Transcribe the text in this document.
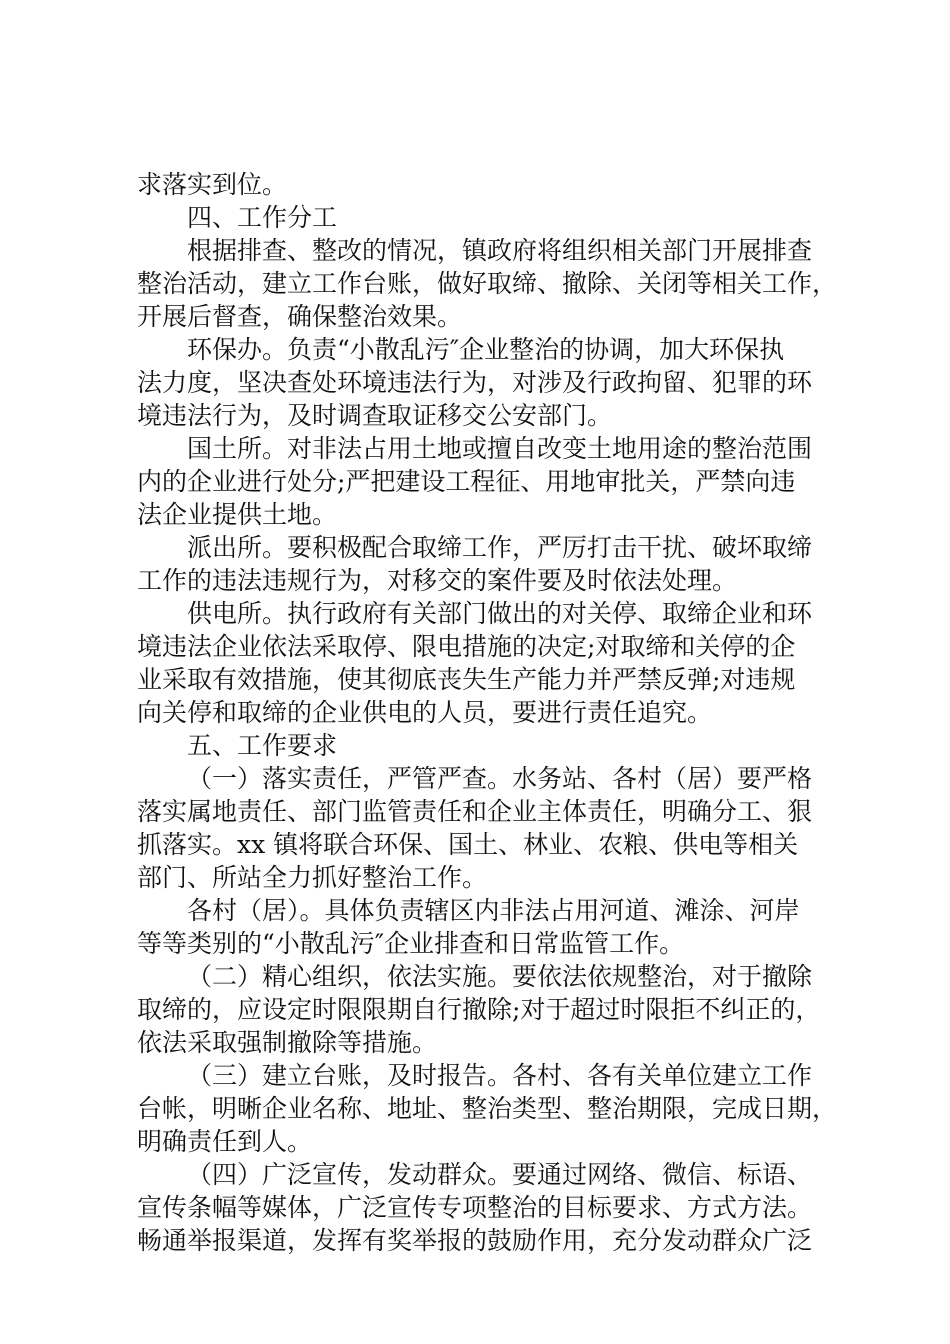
求落实到位。
四、工作分工
根据排查、整改的情况，镇政府将组织相关部门开展排查
整治活动，建立工作台账，做好取缔、撤除、关闭等相关工作，
开展后督查，确保整治效果。
环保办。负责“小散乱污″企业整治的协调，加大环保执
法力度，坚决查处环境违法行为，对涉及行政拘留、犯罪的环
境违法行为，及时调查取证移交公安部门。
国土所。对非法占用土地或擅自改变土地用途的整治范围
内的企业进行处分;严把建设工程征、用地审批关，严禁向违
法企业提供土地。
派出所。要积极配合取缔工作，严厉打击干扰、破坏取缔
工作的违法违规行为，对移交的案件要及时依法处理。
供电所。执行政府有关部门做出的对关停、取缔企业和环
境违法企业依法采取停、限电措施的决定;对取缔和关停的企
业采取有效措施，使其彻底丧失生产能力并严禁反弹;对违规
向关停和取缔的企业供电的人员，要进行责任追究。
五、工作要求
（一）落实责任，严管严查。水务站、各村（居）要严格
落实属地责任、部门监管责任和企业主体责任，明确分工、狠
抓落实。xx 镇将联合环保、国土、林业、农粮、供电等相关
部门、所站全力抓好整治工作。
各村（居）。具体负责辖区内非法占用河道、滩涂、河岸
等等类别的“小散乱污″企业排查和日常监管工作。
（二）精心组织，依法实施。要依法依规整治，对于撤除
取缔的，应设定时限限期自行撤除;对于超过时限拒不纠正的，
依法采取强制撤除等措施。
（三）建立台账，及时报告。各村、各有关单位建立工作
台帐，明晰企业名称、地址、整治类型、整治期限，完成日期，
明确责任到人。
（四）广泛宣传，发动群众。要通过网络、微信、标语、
宣传条幅等媒体，广泛宣传专项整治的目标要求、方式方法。
畅通举报渠道，发挥有奖举报的鼓励作用，充分发动群众广泛
